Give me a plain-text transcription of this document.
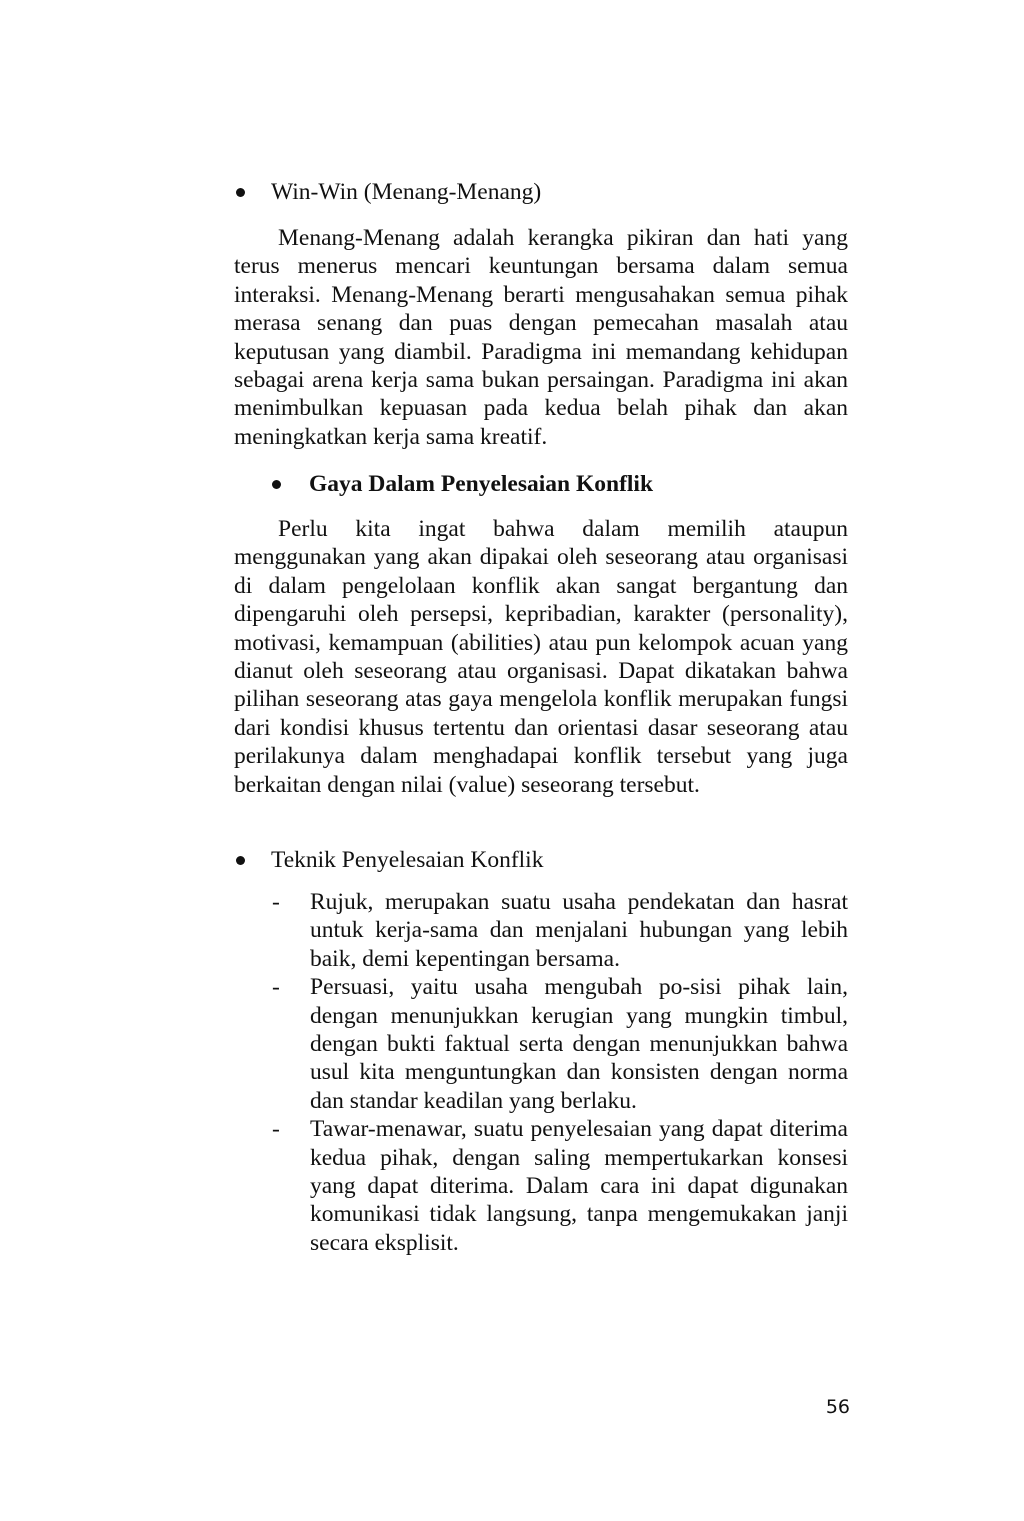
Win-Win (Menang-Menang)

Menang-Menang adalah kerangka pikiran dan hati yang terus menerus mencari keuntungan bersama dalam semua interaksi. Menang-Menang berarti mengusahakan semua pihak merasa senang dan puas dengan pemecahan masalah atau keputusan yang diambil. Paradigma ini memandang kehidupan sebagai arena kerja sama bukan persaingan. Paradigma ini akan menimbulkan kepuasan pada kedua belah pihak dan akan meningkatkan kerja sama kreatif.

Gaya Dalam Penyelesaian Konflik

Perlu kita ingat bahwa dalam memilih ataupun menggunakan yang akan dipakai oleh seseorang atau organisasi di dalam pengelolaan konflik akan sangat bergantung dan dipengaruhi oleh persepsi, kepribadian, karakter (personality), motivasi, kemampuan (abilities) atau pun kelompok acuan yang dianut oleh seseorang atau organisasi. Dapat dikatakan bahwa pilihan seseorang atas gaya mengelola konflik merupakan fungsi dari kondisi khusus tertentu dan orientasi dasar seseorang atau perilakunya dalam menghadapai konflik tersebut yang juga berkaitan dengan nilai (value) seseorang tersebut.

Teknik Penyelesaian Konflik
-	Rujuk, merupakan suatu usaha pendekatan dan hasrat untuk kerja-sama dan menjalani hubungan yang lebih baik, demi kepentingan bersama.
-	Persuasi, yaitu usaha mengubah po-sisi pihak lain, dengan menunjukkan kerugian yang mungkin timbul, dengan bukti faktual serta dengan menunjukkan bahwa usul kita menguntungkan dan konsisten dengan norma dan standar keadilan yang berlaku.
-	Tawar-menawar, suatu penyelesaian yang dapat diterima kedua pihak, dengan saling mempertukarkan konsesi yang dapat diterima. Dalam cara ini dapat digunakan komunikasi tidak langsung, tanpa mengemukakan janji secara eksplisit.
56
